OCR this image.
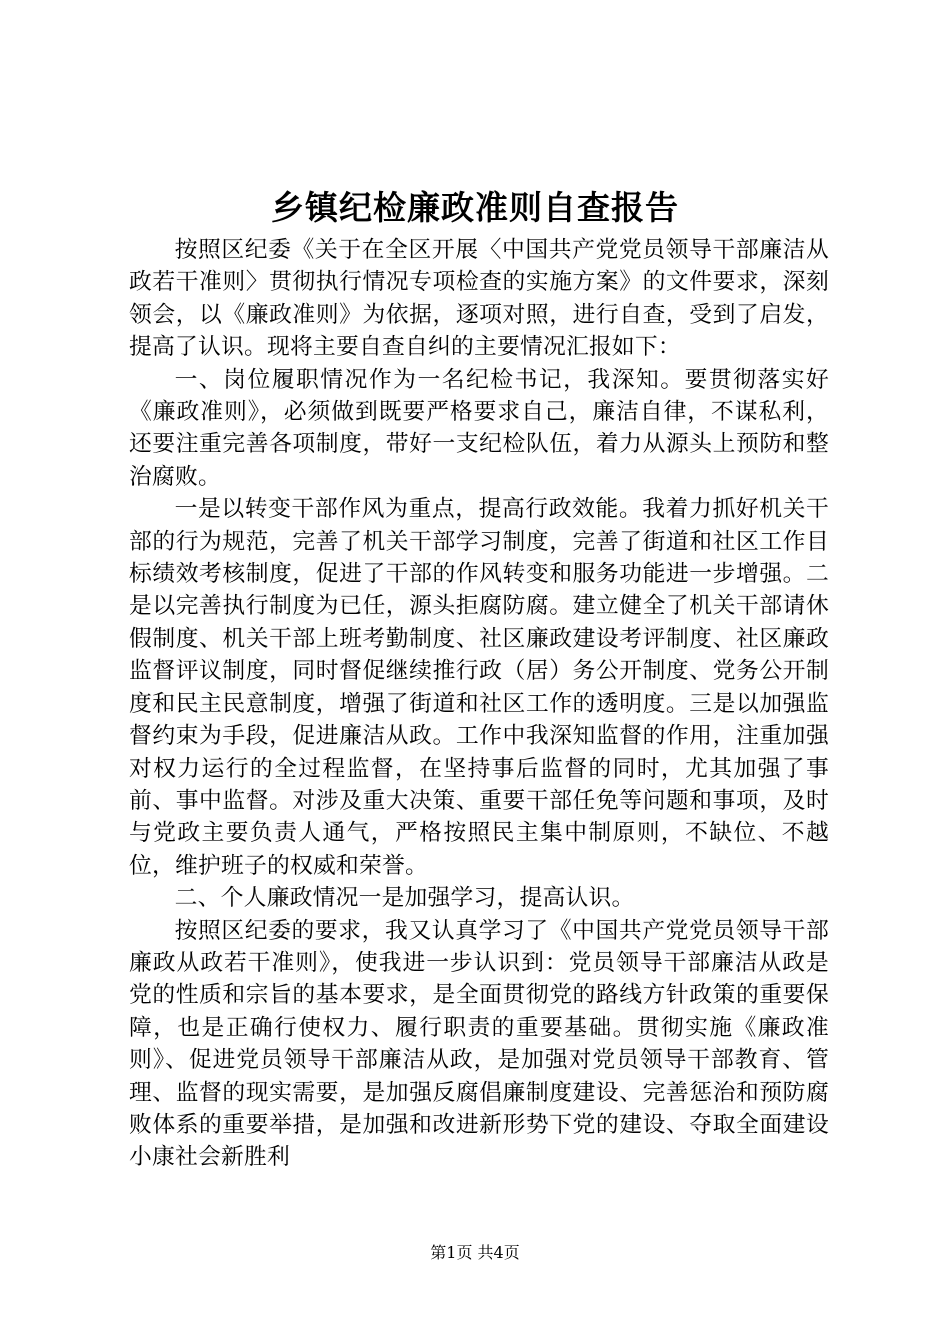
乡镇纪检廉政准则自查报告

按照区纪委《关于在全区开展〈中国共产党党员领导干部廉洁从政若干准则〉贯彻执行情况专项检查的实施方案》的文件要求，深刻领会，以《廉政准则》为依据，逐项对照，进行自查，受到了启发，提高了认识。现将主要自查自纠的主要情况汇报如下：

一、岗位履职情况作为一名纪检书记，我深知。要贯彻落实好《廉政准则》，必须做到既要严格要求自己，廉洁自律，不谋私利，还要注重完善各项制度，带好一支纪检队伍，着力从源头上预防和整治腐败。

一是以转变干部作风为重点，提高行政效能。我着力抓好机关干部的行为规范，完善了机关干部学习制度，完善了街道和社区工作目标绩效考核制度，促进了干部的作风转变和服务功能进一步增强。二是以完善执行制度为已任，源头拒腐防腐。建立健全了机关干部请休假制度、机关干部上班考勤制度、社区廉政建设考评制度、社区廉政监督评议制度，同时督促继续推行政（居）务公开制度、党务公开制度和民主民意制度，增强了街道和社区工作的透明度。三是以加强监督约束为手段，促进廉洁从政。工作中我深知监督的作用，注重加强对权力运行的全过程监督，在坚持事后监督的同时，尤其加强了事前、事中监督。对涉及重大决策、重要干部任免等问题和事项，及时与党政主要负责人通气，严格按照民主集中制原则，不缺位、不越位，维护班子的权威和荣誉。

二、个人廉政情况一是加强学习，提高认识。

按照区纪委的要求，我又认真学习了《中国共产党党员领导干部廉政从政若干准则》，使我进一步认识到：党员领导干部廉洁从政是党的性质和宗旨的基本要求，是全面贯彻党的路线方针政策的重要保障，也是正确行使权力、履行职责的重要基础。贯彻实施《廉政准则》、促进党员领导干部廉洁从政，是加强对党员领导干部教育、管理、监督的现实需要，是加强反腐倡廉制度建设、完善惩治和预防腐败体系的重要举措，是加强和改进新形势下党的建设、夺取全面建设小康社会新胜利

第1页 共4页
